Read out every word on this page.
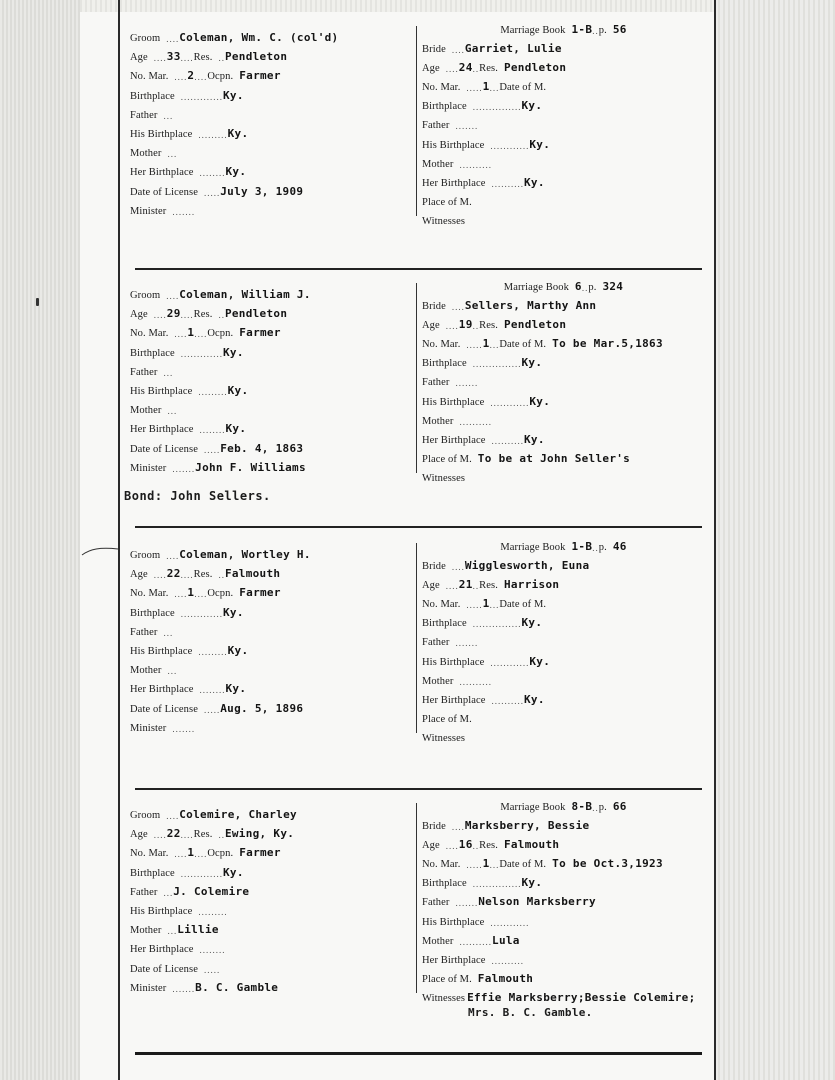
Groom .... Coleman, Wm. C. (col'd)
Age .... 33 .... Res. .. Pendleton
No. Mar. .... 2 .... Ocpn. Farmer
Birthplace ............. Ky.
Father ...
His Birthplace ......... Ky.
Mother ...
Her Birthplace ........ Ky.
Date of License ..... July 3, 1909
Minister .......
Marriage Book 1-B .. p. 56
Bride .... Garriet, Lulie
Age .... 24 .. Res. Pendleton
No. Mar. ..... 1 ... Date of M.
Birthplace ............... Ky.
Father .......
His Birthplace ............ Ky.
Mother ..........
Her Birthplace .......... Ky.
Place of M.
Witnesses
Groom .... Coleman, William J.
Age .... 29 .... Res. .. Pendleton
No. Mar. .... 1 .... Ocpn. Farmer
Birthplace ............. Ky.
Father ...
His Birthplace ......... Ky.
Mother ...
Her Birthplace ........ Ky.
Date of License ..... Feb. 4, 1863
Minister ....... John F. Williams
Marriage Book 6 .. p. 324
Bride .... Sellers, Marthy Ann
Age .... 19 .. Res. Pendleton
No. Mar. ..... 1 ... Date of M. To be Mar.5,1863
Birthplace ............... Ky.
Father .......
His Birthplace ............ Ky.
Mother ..........
Her Birthplace .......... Ky.
Place of M. To be at John Seller's
Witnesses
Bond: John Sellers.
Groom .... Coleman, Wortley H.
Age .... 22 .... Res. .. Falmouth
No. Mar. .... 1 .... Ocpn. Farmer
Birthplace ............. Ky.
Father ...
His Birthplace ......... Ky.
Mother ...
Her Birthplace ........ Ky.
Date of License ..... Aug. 5, 1896
Minister .......
Marriage Book 1-B .. p. 46
Bride .... Wigglesworth, Euna
Age .... 21 .. Res. Harrison
No. Mar. ..... 1 ... Date of M.
Birthplace ............... Ky.
Father .......
His Birthplace ............ Ky.
Mother ..........
Her Birthplace .......... Ky.
Place of M.
Witnesses
Groom .... Colemire, Charley
Age .... 22 .... Res. .. Ewing, Ky.
No. Mar. .... 1 .... Ocpn. Farmer
Birthplace ............. Ky.
Father ... J. Colemire
His Birthplace .........
Mother ... Lillie
Her Birthplace ........
Date of License .....
Minister ....... B. C. Gamble
Marriage Book 8-B .. p. 66
Bride .... Marksberry, Bessie
Age .... 16 .. Res. Falmouth
No. Mar. ..... 1 ... Date of M. To be Oct.3,1923
Birthplace ............... Ky.
Father ....... Nelson Marksberry
His Birthplace ............
Mother .......... Lula
Her Birthplace ..........
Place of M. Falmouth
Witnesses Effie Marksberry;Bessie Colemire;
Mrs. B. C. Gamble.
